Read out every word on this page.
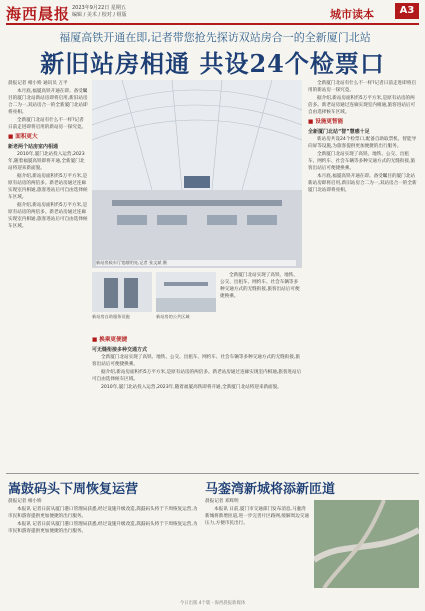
海西晨报 2023年9月22日 星期五
编辑 / 美术 / 校对 / 组版	城市读本	A3
福厦高铁开通在即,记者带您抢先探访双站房合一的全新厦门北站
新旧站房相通 共设24个检票口

晨报记者 相小娇 通讯员 万平

本月底,福厦高铁开通在即。备受瞩目的厦门北站新站房即将启用,新旧站房合二为一,双站房合一的全新厦门北站即将亮相。

全新厦门北站有什么不一样?记者日前走进即将启用的新站房一探究竟。

■ 面积更大
新老两个站房室内相通

2010年,厦门北站投入运营,2023年,随着福厦高铁即将开通,全新厦门北站将迎来新面貌。

据介绍,新站房面积约5万平方米,是原有站房的两倍多。新老站房通过连廊实现室内相通,旅客进站后可自由选择候车区域。

据介绍,新站房面积约5万平方米,是原有站房的两倍多。新老站房通过连廊实现室内相通,旅客进站后可自由选择候车区域。

新站房候车厅宽敞明亮,记者 张文斌 摄
新站房自助服务设施	新站房的公共区域

全新厦门北站实现了高铁、地铁、公交、出租车、网约车、社会车辆等多种交通方式的无缝衔接,旅客出站后可便捷换乘。

■ 换乘更便捷
可无缝衔接多种交通方式

全新厦门北站实现了高铁、地铁、公交、出租车、网约车、社会车辆等多种交通方式的无缝衔接,旅客出站后可便捷换乘。

据介绍,新站房面积约5万平方米,是原有站房的两倍多。新老站房通过连廊实现室内相通,旅客进站后可自由选择候车区域。

2010年,厦门北站投入运营,2023年,随着福厦高铁即将开通,全新厦门北站将迎来新面貌。

全新厦门北站有什么不一样?记者日前走进即将启用的新站房一探究竟。

据介绍,新站房面积约5万平方米,是原有站房的两倍多。新老站房通过连廊实现室内相通,旅客进站后可自由选择候车区域。

■ 设施更智能
全新厦门北站“智”慧感十足

新站房共设24个检票口,配备自助取票机、智能导向屏等设施,为旅客提供更加便捷的出行服务。

全新厦门北站实现了高铁、地铁、公交、出租车、网约车、社会车辆等多种交通方式的无缝衔接,旅客出站后可便捷换乘。

本月底,福厦高铁开通在即。备受瞩目的厦门北站新站房即将启用,新旧站房合二为一,双站房合一的全新厦门北站即将亮相。

嵩鼓码头下周恢复运营

晨报记者 相小娇

本报讯 记者日前从厦门港口管理局获悉,经过设施升级改造,嵩鼓码头将于下周恢复运营,为市民和游客提供更加便捷的出行服务。

本报讯 记者日前从厦门港口管理局获悉,经过设施升级改造,嵩鼓码头将于下周恢复运营,为市民和游客提供更加便捷的出行服务。

马銮湾新城将添新匝道

晨报记者 邓辉明

本报讯 日前,厦门市交通部门发布消息,马銮湾新城将新增匝道,进一步完善片区路网,缓解周边交通压力,方便市民出行。

今日出版 4个版 · 海西晨报新媒体
